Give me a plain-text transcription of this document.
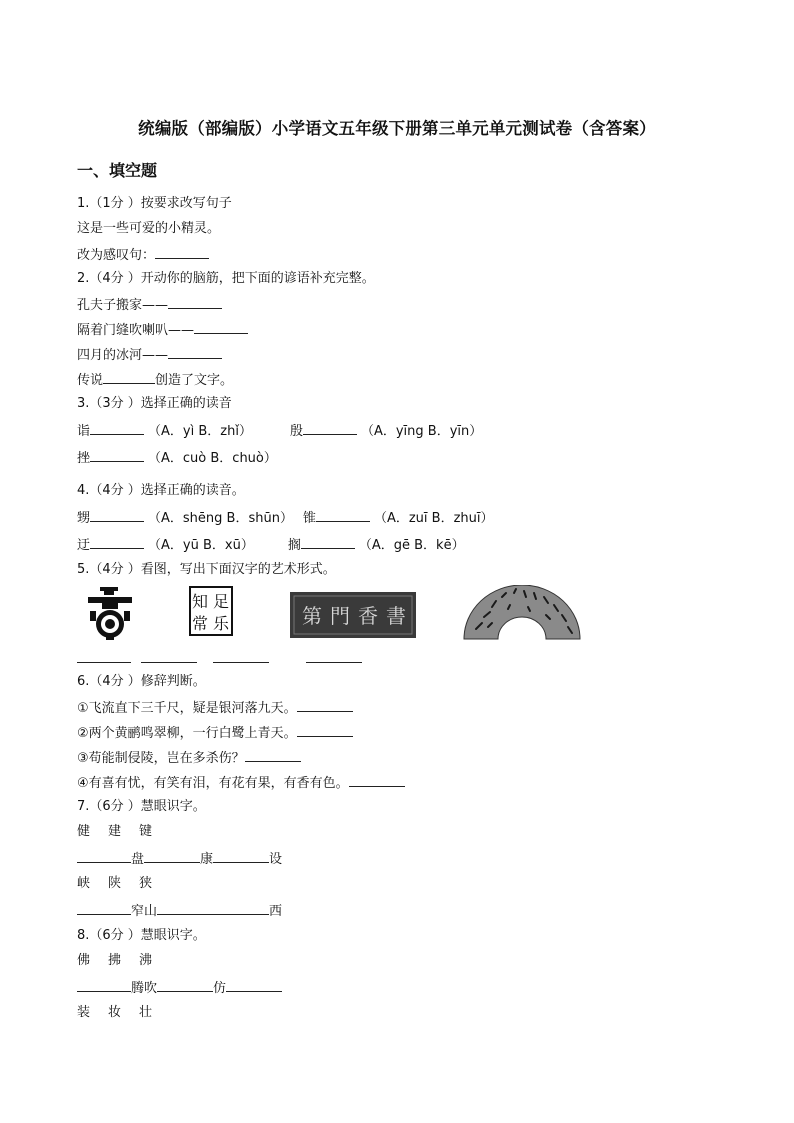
统编版（部编版）小学语文五年级下册第三单元单元测试卷（含答案）
一、填空题
1.（1分 ）按要求改写句子
这是一些可爱的小精灵。
改为感叹句：
2.（4分 ）开动你的脑筋，把下面的谚语补充完整。
孔夫子搬家——
隔着门缝吹喇叭——
四月的冰河——
传说	创造了文字。
3.（3分 ）选择正确的读音
诣	（A．yì B．zhǐ）	殷	（A．yīng B．yīn）
挫	（A．cuò B．chuò）
4.（4分 ）选择正确的读音。
甥	（A．shēng B．shūn） 锥	（A．zuī B．zhuī）
迂	（A．yū B．xū）	搁	（A．gē B．kē）
5.（4分 ）看图，写出下面汉字的艺术形式。
知 足
常 乐	第 門 香 書
6.（4分 ）修辞判断。
①飞流直下三千尺，疑是银河落九天。
②两个黄鹂鸣翠柳，一行白鹭上青天。
③苟能制侵陵，岂在多杀伤？
④有喜有忧，有笑有泪，有花有果，有香有色。
7.（6分 ）慧眼识字。
健 建 键
盘	康	设
峡 陕 狭
窄山	西
8.（6分 ）慧眼识字。
佛 拂 沸
腾吹	仿
装 妆 壮
